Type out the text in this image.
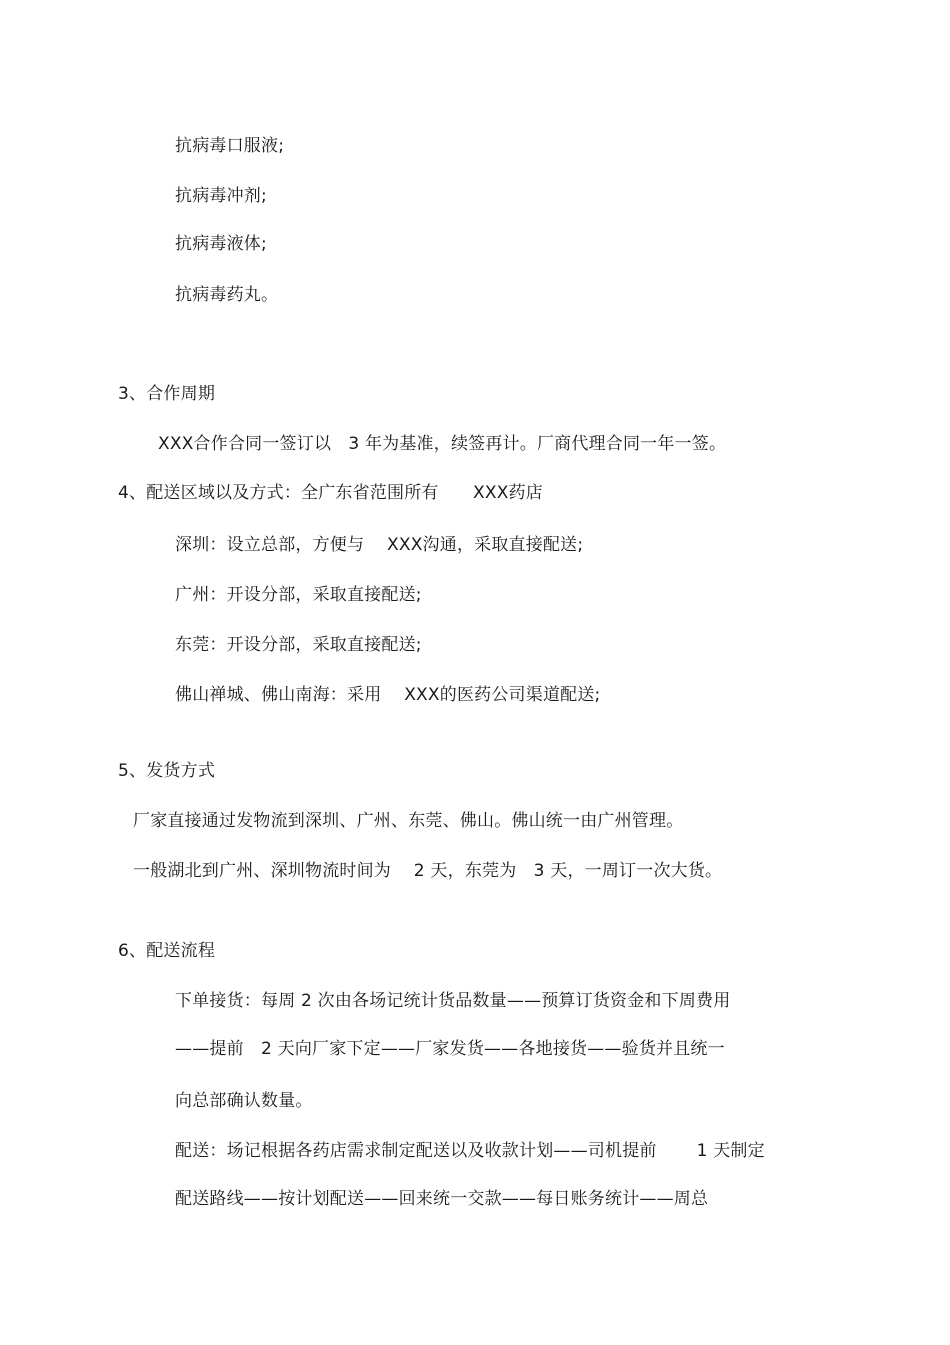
抗病毒口服液;
抗病毒冲剂;
抗病毒液体;
抗病毒药丸。
3、合作周期
XXX合作合同一签订以　3 年为基准，续签再计。厂商代理合同一年一签。
4、配送区域以及方式：全广东省范围所有　　XXX药店
深圳：设立总部，方便与　 XXX沟通，采取直接配送;
广州：开设分部，采取直接配送;
东莞：开设分部，采取直接配送;
佛山禅城、佛山南海：采用　 XXX的医药公司渠道配送;
5、发货方式
厂家直接通过发物流到深圳、广州、东莞、佛山。佛山统一由广州管理。
一般湖北到广州、深圳物流时间为　 2 天，东莞为　3 天，一周订一次大货。
6、配送流程
下单接货：每周 2 次由各场记统计货品数量——预算订货资金和下周费用
——提前　2 天向厂家下定——厂家发货——各地接货——验货并且统一
向总部确认数量。
配送：场记根据各药店需求制定配送以及收款计划——司机提前　　 1 天制定
配送路线——按计划配送——回来统一交款——每日账务统计——周总
